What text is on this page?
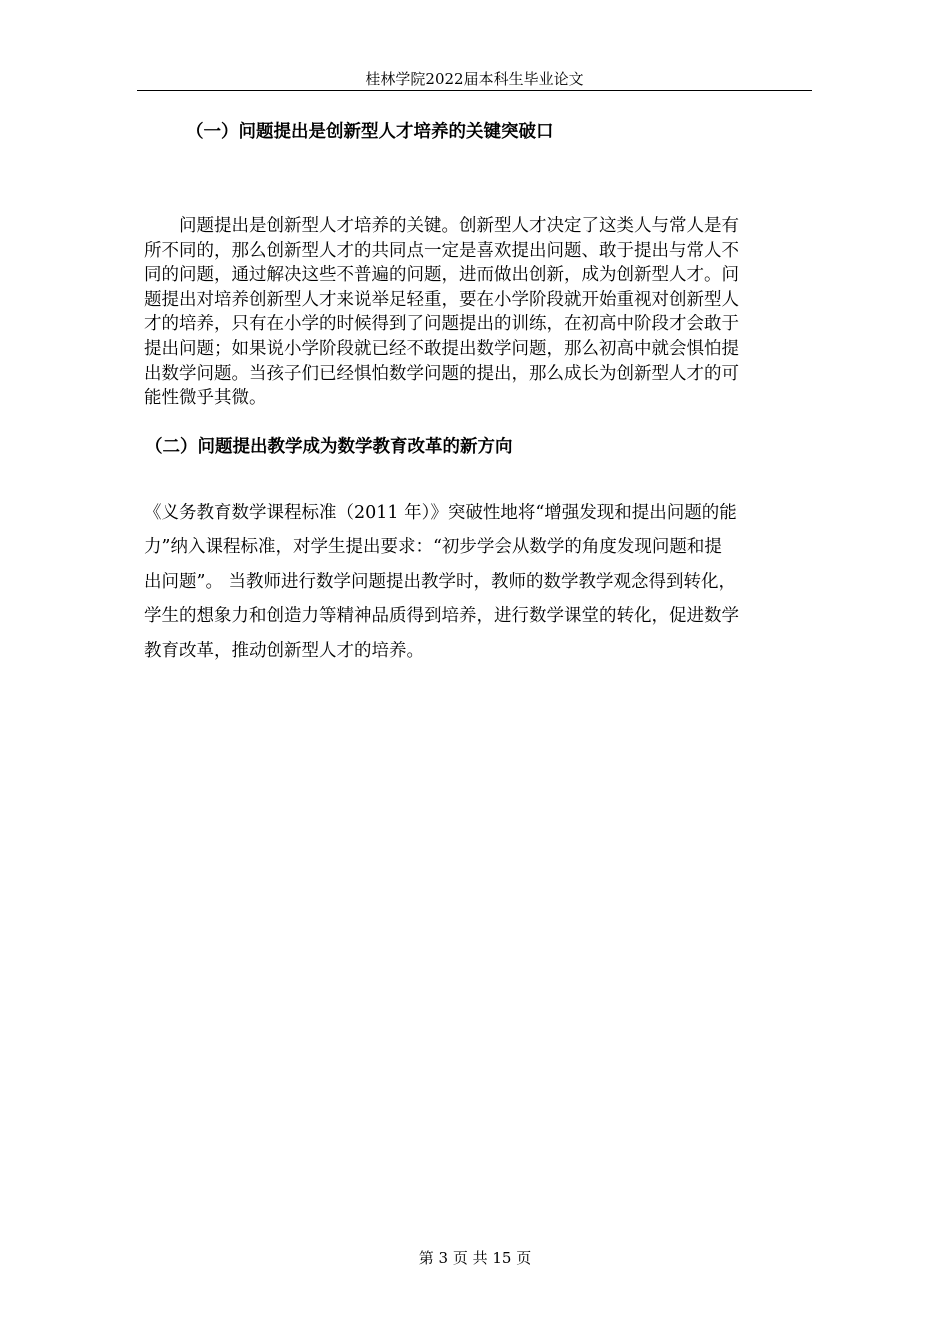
桂林学院2022届本科生毕业论文
（一）问题提出是创新型人才培养的关键突破口
　　问题提出是创新型人才培养的关键。创新型人才决定了这类人与常人是有
所不同的，那么创新型人才的共同点一定是喜欢提出问题、敢于提出与常人不
同的问题，通过解决这些不普遍的问题，进而做出创新，成为创新型人才。问
题提出对培养创新型人才来说举足轻重，要在小学阶段就开始重视对创新型人
才的培养，只有在小学的时候得到了问题提出的训练，在初高中阶段才会敢于
提出问题；如果说小学阶段就已经不敢提出数学问题，那么初高中就会惧怕提
出数学问题。当孩子们已经惧怕数学问题的提出，那么成长为创新型人才的可
能性微乎其微。
（二）问题提出教学成为数学教育改革的新方向
《义务教育数学课程标准（2011 年）》突破性地将“增强发现和提出问题的能
力”纳入课程标准，对学生提出要求：“初步学会从数学的角度发现问题和提
出问题”。 当教师进行数学问题提出教学时，教师的数学教学观念得到转化，
学生的想象力和创造力等精神品质得到培养，进行数学课堂的转化，促进数学
教育改革，推动创新型人才的培养。
第 3 页 共 15 页
